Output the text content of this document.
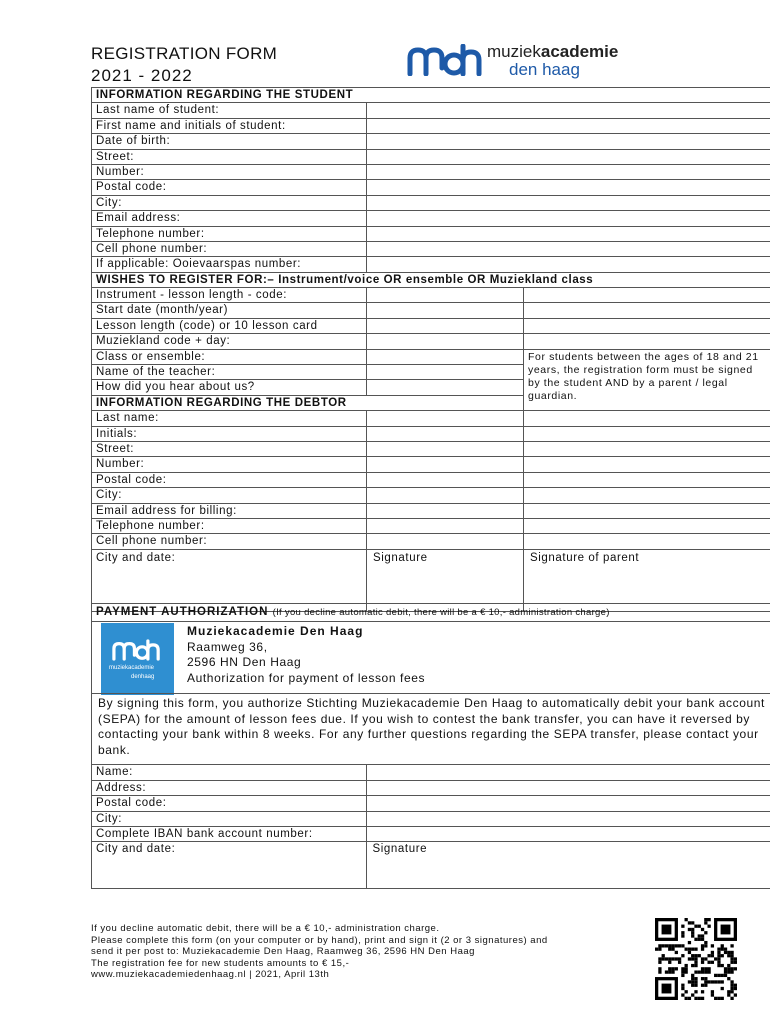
REGISTRATION FORM
2021 - 2022
muziekacademie
den haag
INFORMATION REGARDING THE STUDENT		
Last name of student:		
First name and initials of student:		
Date of birth:		
Street:		
Number:		
Postal code:		
City:		
Email address:		
Telephone number:		
Cell phone number:		
If applicable: Ooievaarspas number:		
WISHES TO REGISTER FOR:– Instrument/voice OR ensemble OR Muziekland class		
Instrument - lesson length - code:		
Start date (month/year)		
Lesson length (code) or 10 lesson card		
Muziekland code + day:		
Class or ensemble:		For students between the ages of 18 and 21 years, the registration form must be signed by the student AND by a parent / legal guardian.
Name of the teacher:		
How did you hear about us?		
INFORMATION REGARDING THE DEBTOR		
Last name:		
Initials:		
Street:		
Number:		
Postal code:		
City:		
Email address for billing:		
Telephone number:		
Cell phone number:		
City and date:	Signature	Signature of parent
PAYMENT AUTHORIZATION (If you decline automatic debit, there will be a € 10,- administration charge)
muziekacademie
denhaag
Muziekacademie Den Haag
Raamweg 36,
2596 HN Den Haag
Authorization for payment of lesson fees
By signing this form, you authorize Stichting Muziekacademie Den Haag to automatically debit your bank account (SEPA) for the amount of lesson fees due. If you wish to contest the bank transfer, you can have it reversed by contacting your bank within 8 weeks. For any further questions regarding the SEPA transfer, please contact your bank.
Name:	
Address:	
Postal code:	
City:	
Complete IBAN bank account number:	
City and date:	Signature
If you decline automatic debit, there will be a € 10,- administration charge.
Please complete this form (on your computer or by hand), print and sign it (2 or 3 signatures) and
send it per post to: Muziekacademie Den Haag, Raamweg 36, 2596 HN Den Haag
The registration fee for new students amounts to € 15,-
www.muziekacademiedenhaag.nl | 2021, April 13th
